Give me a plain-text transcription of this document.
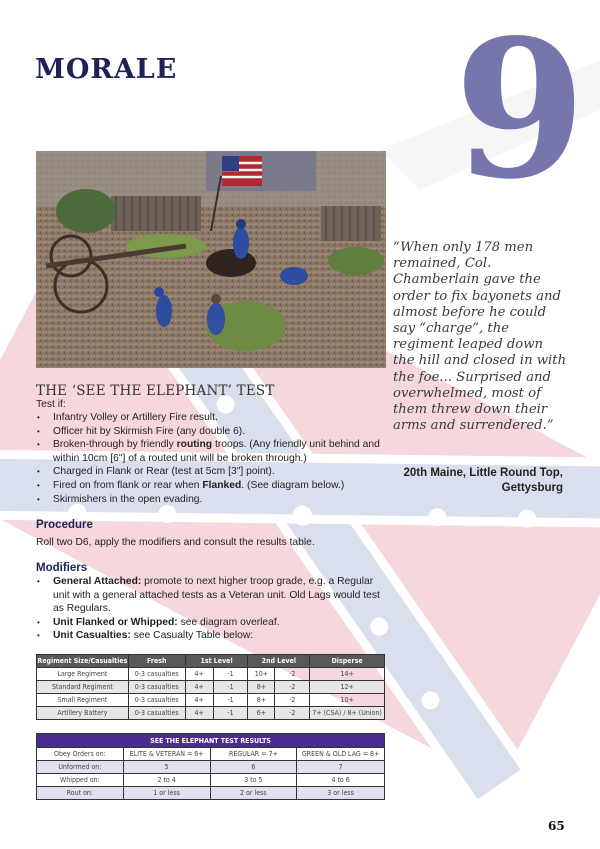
MORALE 9
“When only 178 men remained, Col. Chamberlain gave the order to fix bayonets and almost before he could say “charge”, the regiment leaped down the hill and closed in with the foe... Surprised and overwhelmed, most of them threw down their arms and surrendered.”
20th Maine, Little Round Top,
Gettysburg
THE ‘SEE THE ELEPHANT’ TEST
Test if:
• Infantry Volley or Artillery Fire result.
• Officer hit by Skirmish Fire (any double 6).
• Broken-through by friendly routing troops. (Any friendly unit behind and within 10cm [6"] of a routed unit will be broken through.)
• Charged in Flank or Rear (test at 5cm [3"] point).
• Fired on from flank or rear when Flanked. (See diagram below.)
• Skirmishers in the open evading.
Procedure
Roll two D6, apply the modifiers and consult the results table.
Modifiers
• General Attached: promote to next higher troop grade, e.g. a Regular unit with a general attached tests as a Veteran unit. Old Lags would test as Regulars.
• Unit Flanked or Whipped: see diagram overleaf.
• Unit Casualties: see Casualty Table below:
Regiment Size/Casualties	Fresh	1st Level		2nd Level		Disperse
Large Regiment	0-3 casualties	4+	-1	10+	-2	14+
Standard Regiment	0-3 casualties	4+	-1	8+	-2	12+
Small Regiment	0-3 casualties	4+	-1	8+	-2	10+
Artillery Battery	0-3 casualties	4+	-1	6+	-2	7+ (CSA) / 8+ (Union)
SEE THE ELEPHANT TEST RESULTS			
Obey Orders on:	ELITE & VETERAN = 6+	REGULAR = 7+	GREEN & OLD LAG = 8+
Unformed on:	5	6	7
Whipped on:	2 to 4	3 to 5	4 to 6
Rout on:	1 or less	2 or less	3 or less
65
